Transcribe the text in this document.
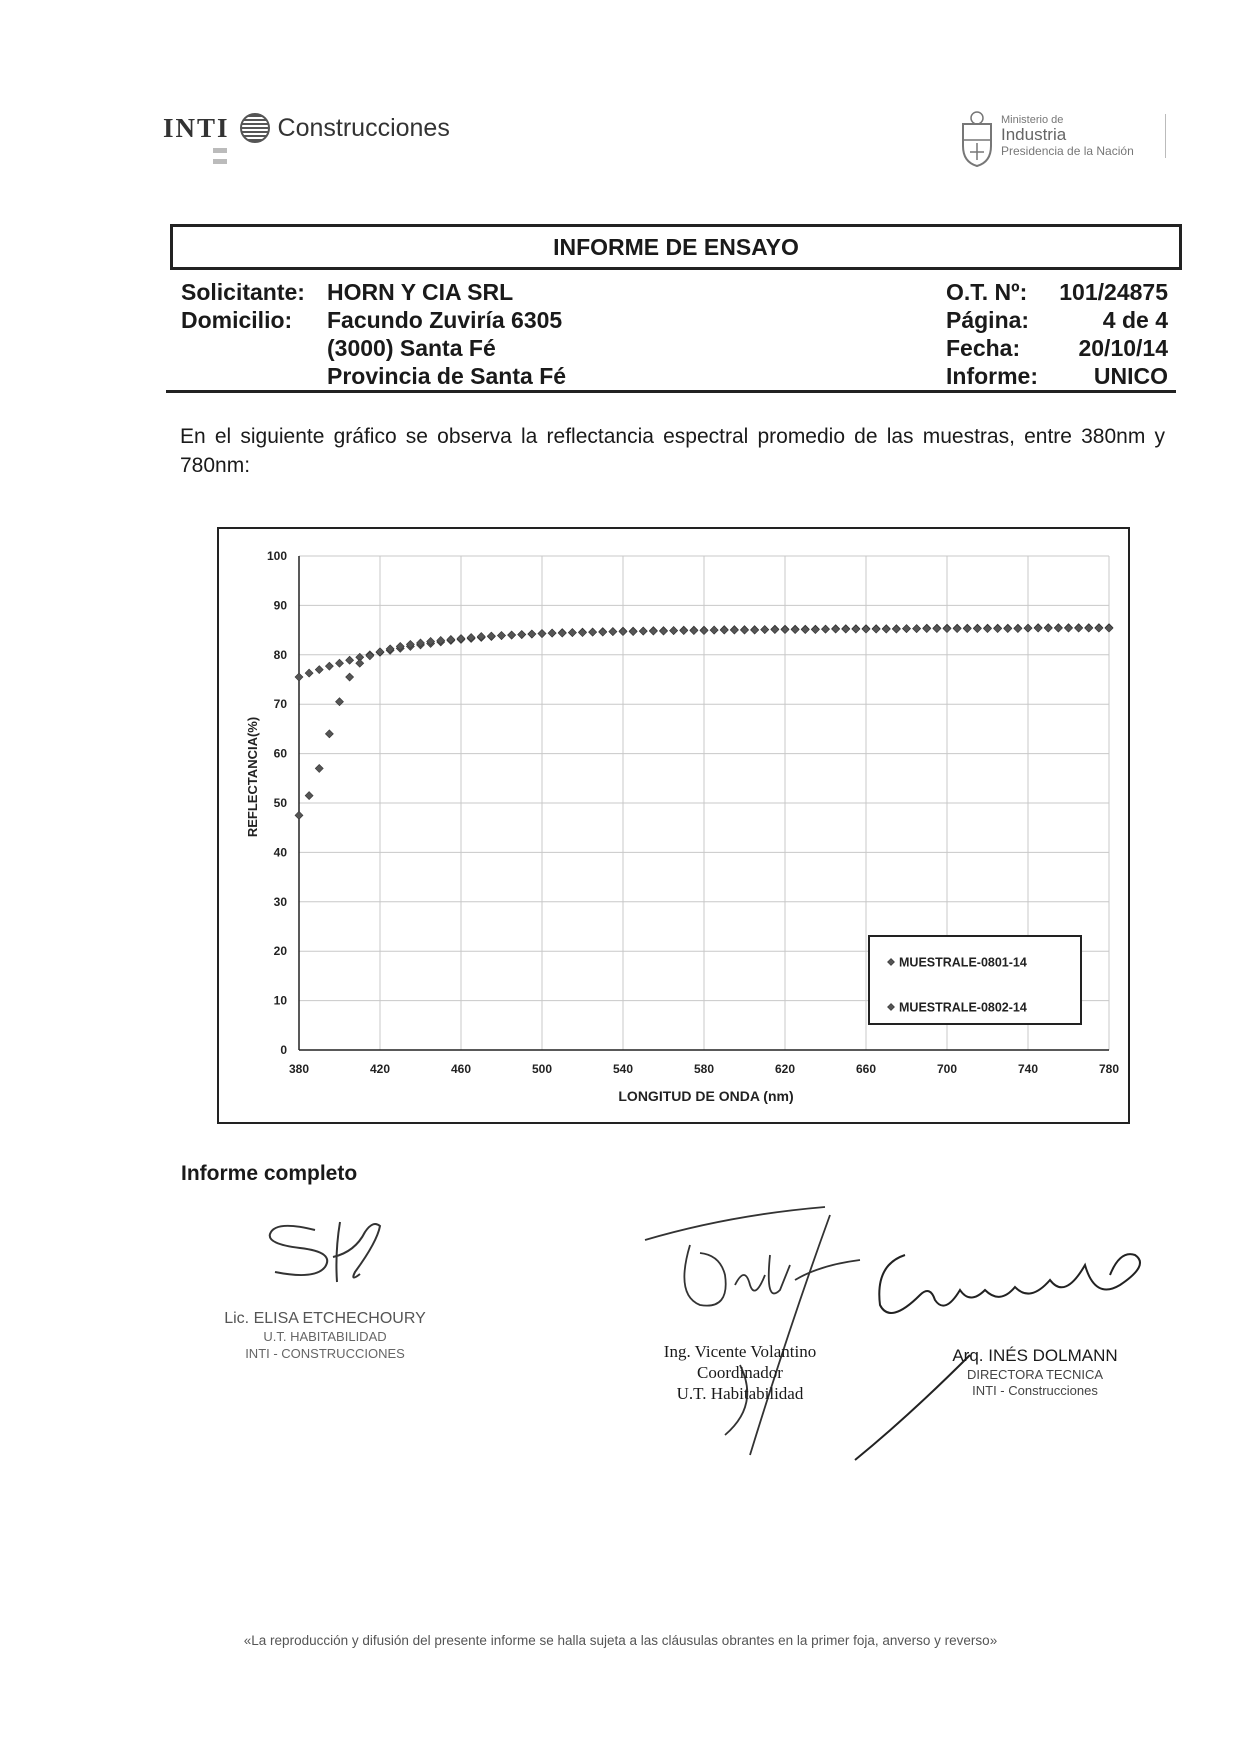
INTI Construcciones	Ministerio de
Industria
Presidencia de la Nación
INFORME DE ENSAYO
Solicitante: HORN Y CIA SRL
Domicilio: Facundo Zuviría 6305
(3000) Santa Fé
Provincia de Santa Fé
O.T. Nº:	101/24875
Página:	4 de 4
Fecha:	20/10/14
Informe:	UNICO
En el siguiente gráfico se observa la reflectancia espectral promedio de las muestras, entre 380nm y 780nm:
0
10
20
30
40
50
60
70
80
90
100
380	420	460	500	540	580	620	660	700	740	780
MUESTRALE-0801-14
MUESTRALE-0802-14
REFLECTANCIA(%)
LONGITUD DE ONDA (nm)
Informe completo
Lic. ELISA ETCHECHOURY
U.T. HABITABILIDAD
INTI - CONSTRUCCIONES	Ing. Vicente Volantino
Coordinador
U.T. Habitabilidad
Arq. INÉS DOLMANN
DIRECTORA TECNICA
INTI - Construcciones
«La reproducción y difusión del presente informe se halla sujeta a las cláusulas obrantes en la primer foja, anverso y reverso»
